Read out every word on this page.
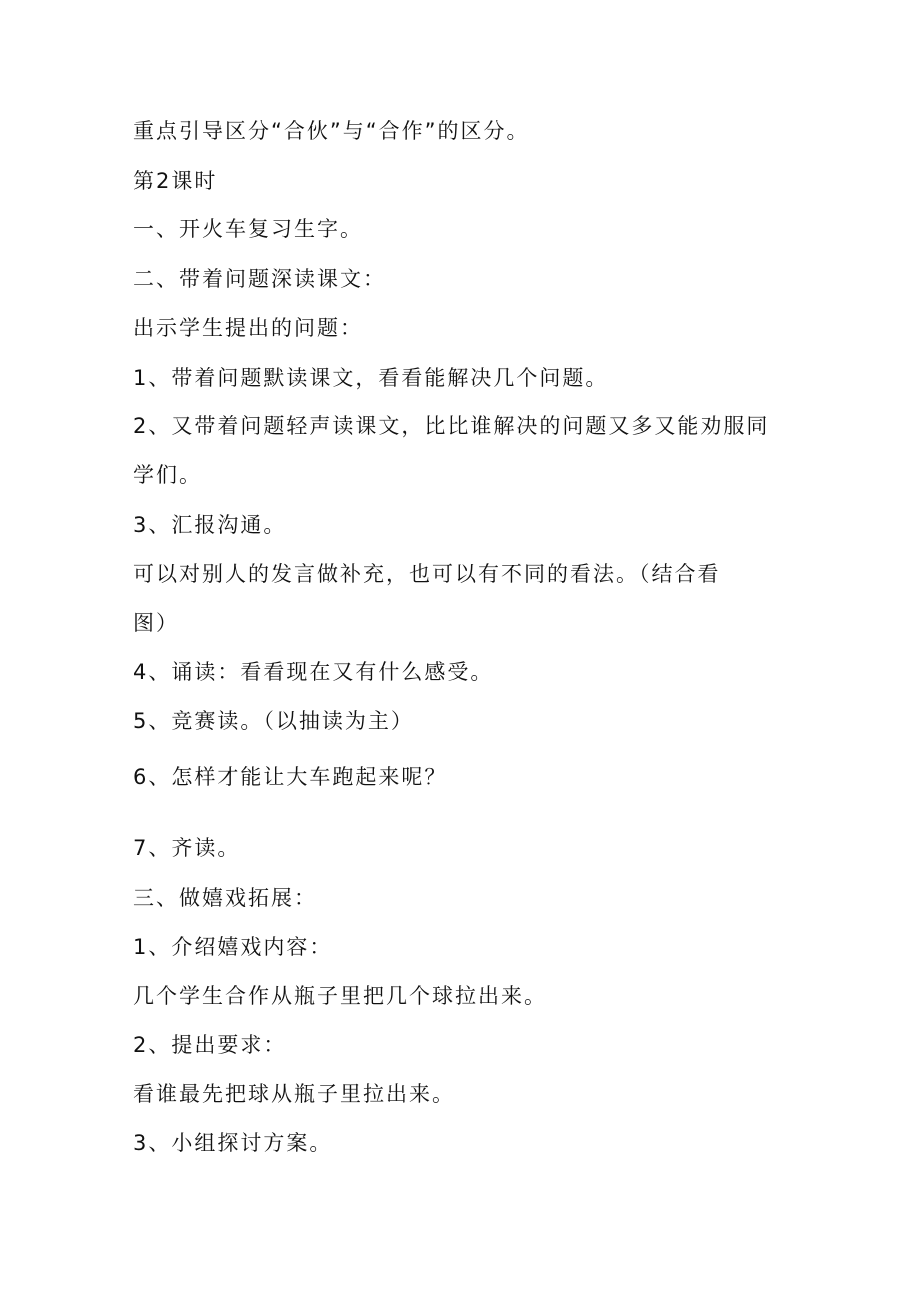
重点引导区分“合伙”与“合作”的区分。
第2课时
一、开火车复习生字。
二、带着问题深读课文：
出示学生提出的问题：
1、带着问题默读课文，看看能解决几个问题。
2、又带着问题轻声读课文，比比谁解决的问题又多又能劝服同
学们。
3、汇报沟通。
可以对别人的发言做补充，也可以有不同的看法。（结合看
图）
4、诵读：看看现在又有什么感受。
5、竞赛读。（以抽读为主）
6、怎样才能让大车跑起来呢？
7、齐读。
三、做嬉戏拓展：
1、介绍嬉戏内容：
几个学生合作从瓶子里把几个球拉出来。
2、提出要求：
看谁最先把球从瓶子里拉出来。
3、小组探讨方案。
